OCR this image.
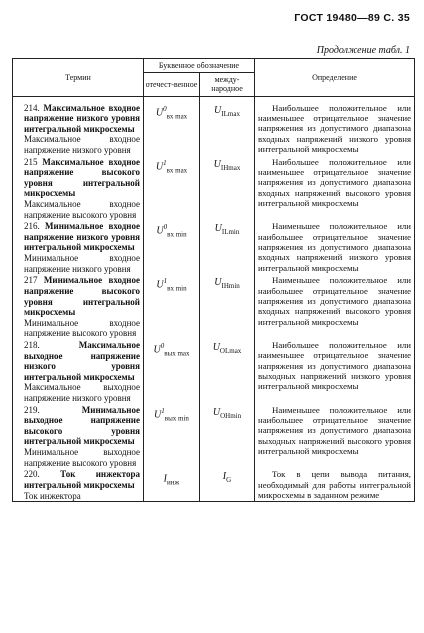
ГОСТ 19480—89 С. 35
Продолжение табл. 1
Термин	Буквенное обозначение		Определение
	отечест-венное	между-народное	

214. Максимальное входное напряжение низкого уровня интегральной микросхемы
Максимальное входное напряжение низкого уровня	$U^0_{вх max}$	$U_{ILmax}$	Наибольшее положительное или наименьшее отрицательное значение напряжения из допустимого диапазона входных напряжений низкого уровня интегральной микросхемы

215 Максимальное входное напряжение высокого уровня интегральной микросхемы
Максимальное входное напряжение высокого уровня	$U^1_{вх max}$	$U_{IHmax}$	Наибольшее положительное или наименьшее отрицательное значение напряжения из допустимого диапазона входных напряжений высокого уровня интегральной микросхемы

216. Минимальное входное напряжение низкого уровня интегральной микросхемы
Минимальное входное напряжение низкого уровня	$U^0_{вх min}$	$U_{ILmin}$	Наименьшее положительное или наибольшее отрицательное значение напряжения из допустимого диапазона входных напряжений низкого уровня интегральной микросхемы

217 Минимальное входное напряжение высокого уровня интегральной микросхемы
Минимальное входное напряжение высокого уровня	$U^1_{вх min}$	$U_{IHmin}$	Наименьшее положительное или наибольшее отрицательное значение напряжения из допустимого диапазона входных напряжений высокого уровня интегральной микросхемы

218. Максимальное выходное напряжение низкого уровня интегральной микросхемы
Максимальное выходное напряжение низкого уровня	$U^0_{вых max}$	$U_{OLmax}$	Наибольшее положительное или наименьшее отрицательное значение напряжения из допустимого диапазона выходных напряжений низкого уровня интегральной микросхемы

219. Минимальное выходное напряжение высокого уровня интегральной микросхемы
Минимальное выходное напряжение высокого уровня	$U^1_{вых min}$	$U_{OHmin}$	Наименьшее положительное или наибольшее отрицательное значение напряжения из допустимого диапазона выходных напряжений высокого уровня интегральной микросхемы

220. Ток инжектора интегральной микросхемы
Ток инжектора	$I_{инж}$	$I_G$	Ток в цепи вывода питания, необходимый для работы интегральной микросхемы в заданном режиме
